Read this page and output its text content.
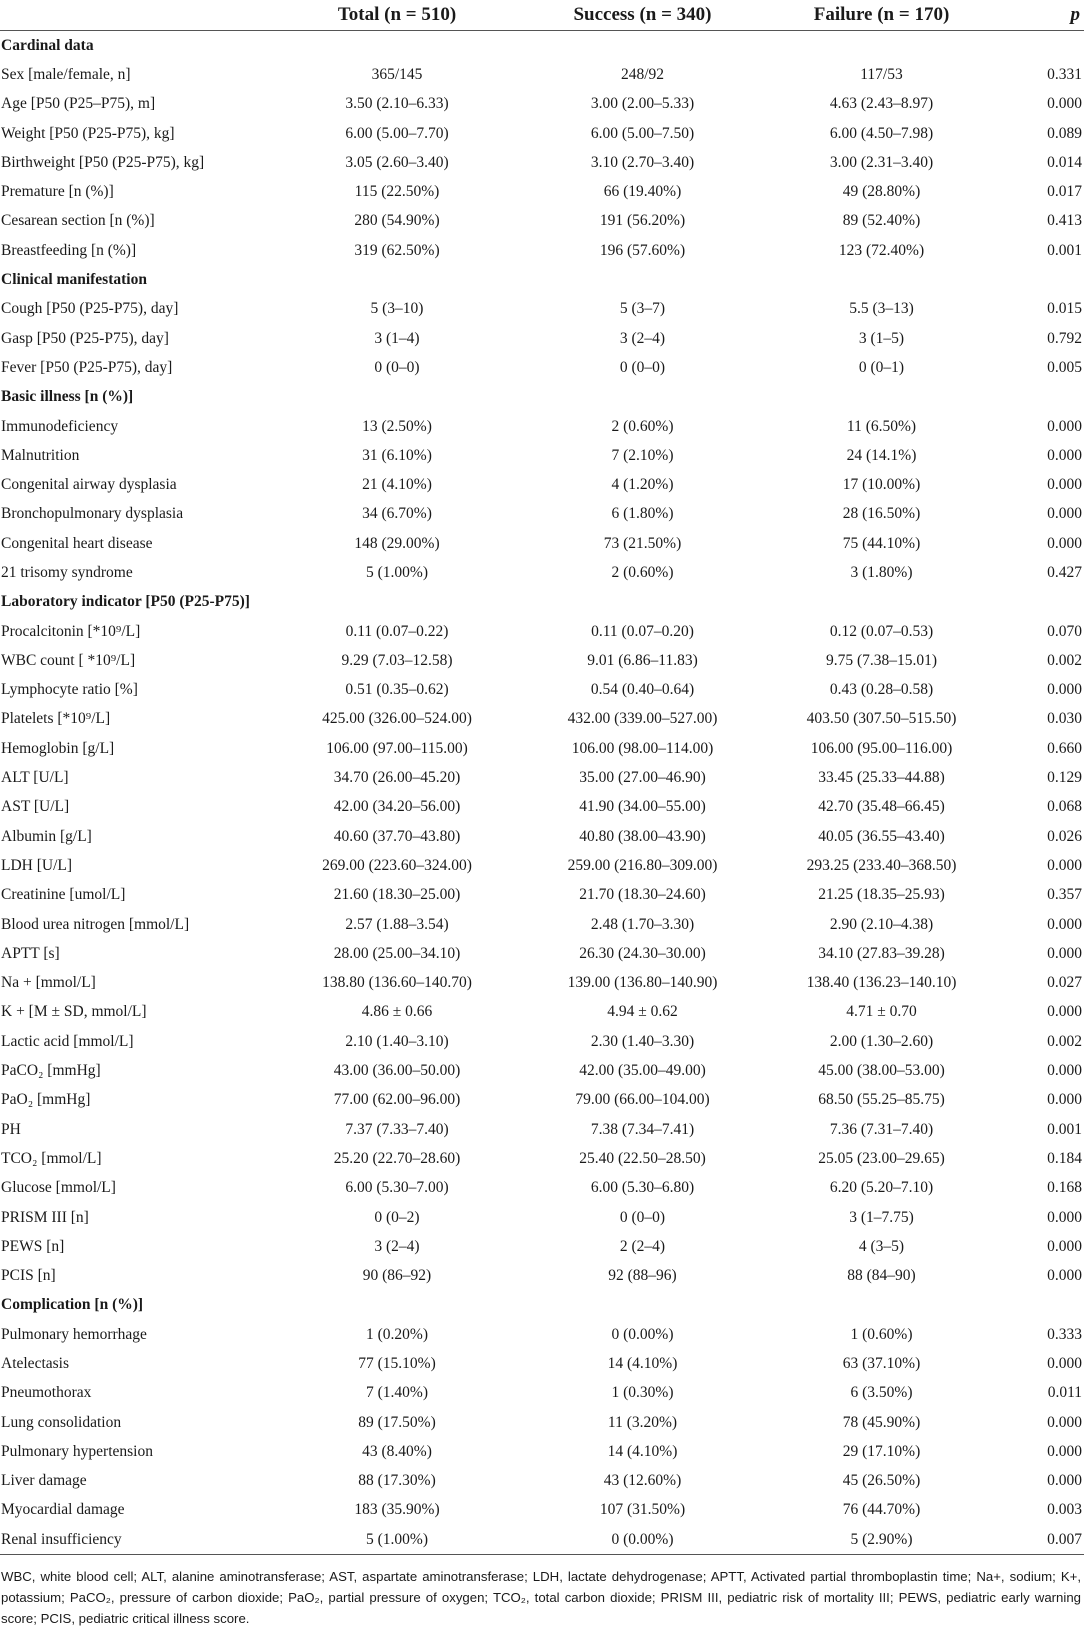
	Total (n = 510)	Success (n = 340)	Failure (n = 170)	p
Cardinal data				
Sex [male/female, n]	365/145	248/92	117/53	0.331
Age [P50 (P25–P75), m]	3.50 (2.10–6.33)	3.00 (2.00–5.33)	4.63 (2.43–8.97)	0.000
Weight [P50 (P25-P75), kg]	6.00 (5.00–7.70)	6.00 (5.00–7.50)	6.00 (4.50–7.98)	0.089
Birthweight [P50 (P25-P75), kg]	3.05 (2.60–3.40)	3.10 (2.70–3.40)	3.00 (2.31–3.40)	0.014
Premature [n (%)]	115 (22.50%)	66 (19.40%)	49 (28.80%)	0.017
Cesarean section [n (%)]	280 (54.90%)	191 (56.20%)	89 (52.40%)	0.413
Breastfeeding [n (%)]	319 (62.50%)	196 (57.60%)	123 (72.40%)	0.001
Clinical manifestation				
Cough [P50 (P25-P75), day]	5 (3–10)	5 (3–7)	5.5 (3–13)	0.015
Gasp [P50 (P25-P75), day]	3 (1–4)	3 (2–4)	3 (1–5)	0.792
Fever [P50 (P25-P75), day]	0 (0–0)	0 (0–0)	0 (0–1)	0.005
Basic illness [n (%)]				
Immunodeficiency	13 (2.50%)	2 (0.60%)	11 (6.50%)	0.000
Malnutrition	31 (6.10%)	7 (2.10%)	24 (14.1%)	0.000
Congenital airway dysplasia	21 (4.10%)	4 (1.20%)	17 (10.00%)	0.000
Bronchopulmonary dysplasia	34 (6.70%)	6 (1.80%)	28 (16.50%)	0.000
Congenital heart disease	148 (29.00%)	73 (21.50%)	75 (44.10%)	0.000
21 trisomy syndrome	5 (1.00%)	2 (0.60%)	3 (1.80%)	0.427
Laboratory indicator [P50 (P25-P75)]				
Procalcitonin [*10⁹/L]	0.11 (0.07–0.22)	0.11 (0.07–0.20)	0.12 (0.07–0.53)	0.070
WBC count [ *10⁹/L]	9.29 (7.03–12.58)	9.01 (6.86–11.83)	9.75 (7.38–15.01)	0.002
Lymphocyte ratio [%]	0.51 (0.35–0.62)	0.54 (0.40–0.64)	0.43 (0.28–0.58)	0.000
Platelets [*10⁹/L]	425.00 (326.00–524.00)	432.00 (339.00–527.00)	403.50 (307.50–515.50)	0.030
Hemoglobin [g/L]	106.00 (97.00–115.00)	106.00 (98.00–114.00)	106.00 (95.00–116.00)	0.660
ALT [U/L]	34.70 (26.00–45.20)	35.00 (27.00–46.90)	33.45 (25.33–44.88)	0.129
AST [U/L]	42.00 (34.20–56.00)	41.90 (34.00–55.00)	42.70 (35.48–66.45)	0.068
Albumin [g/L]	40.60 (37.70–43.80)	40.80 (38.00–43.90)	40.05 (36.55–43.40)	0.026
LDH [U/L]	269.00 (223.60–324.00)	259.00 (216.80–309.00)	293.25 (233.40–368.50)	0.000
Creatinine [umol/L]	21.60 (18.30–25.00)	21.70 (18.30–24.60)	21.25 (18.35–25.93)	0.357
Blood urea nitrogen [mmol/L]	2.57 (1.88–3.54)	2.48 (1.70–3.30)	2.90 (2.10–4.38)	0.000
APTT [s]	28.00 (25.00–34.10)	26.30 (24.30–30.00)	34.10 (27.83–39.28)	0.000
Na + [mmol/L]	138.80 (136.60–140.70)	139.00 (136.80–140.90)	138.40 (136.23–140.10)	0.027
K + [M ± SD, mmol/L]	4.86 ± 0.66	4.94 ± 0.62	4.71 ± 0.70	0.000
Lactic acid [mmol/L]	2.10 (1.40–3.10)	2.30 (1.40–3.30)	2.00 (1.30–2.60)	0.002
PaCO₂ [mmHg]	43.00 (36.00–50.00)	42.00 (35.00–49.00)	45.00 (38.00–53.00)	0.000
PaO₂ [mmHg]	77.00 (62.00–96.00)	79.00 (66.00–104.00)	68.50 (55.25–85.75)	0.000
PH	7.37 (7.33–7.40)	7.38 (7.34–7.41)	7.36 (7.31–7.40)	0.001
TCO₂ [mmol/L]	25.20 (22.70–28.60)	25.40 (22.50–28.50)	25.05 (23.00–29.65)	0.184
Glucose [mmol/L]	6.00 (5.30–7.00)	6.00 (5.30–6.80)	6.20 (5.20–7.10)	0.168
PRISM III [n]	0 (0–2)	0 (0–0)	3 (1–7.75)	0.000
PEWS [n]	3 (2–4)	2 (2–4)	4 (3–5)	0.000
PCIS [n]	90 (86–92)	92 (88–96)	88 (84–90)	0.000
Complication [n (%)]				
Pulmonary hemorrhage	1 (0.20%)	0 (0.00%)	1 (0.60%)	0.333
Atelectasis	77 (15.10%)	14 (4.10%)	63 (37.10%)	0.000
Pneumothorax	7 (1.40%)	1 (0.30%)	6 (3.50%)	0.011
Lung consolidation	89 (17.50%)	11 (3.20%)	78 (45.90%)	0.000
Pulmonary hypertension	43 (8.40%)	14 (4.10%)	29 (17.10%)	0.000
Liver damage	88 (17.30%)	43 (12.60%)	45 (26.50%)	0.000
Myocardial damage	183 (35.90%)	107 (31.50%)	76 (44.70%)	0.003
Renal insufficiency	5 (1.00%)	0 (0.00%)	5 (2.90%)	0.007
WBC, white blood cell; ALT, alanine aminotransferase; AST, aspartate aminotransferase; LDH, lactate dehydrogenase; APTT, Activated partial thromboplastin time; Na+, sodium; K+, potassium; PaCO₂, pressure of carbon dioxide; PaO₂, partial pressure of oxygen; TCO₂, total carbon dioxide; PRISM III, pediatric risk of mortality III; PEWS, pediatric early warning score; PCIS, pediatric critical illness score.
